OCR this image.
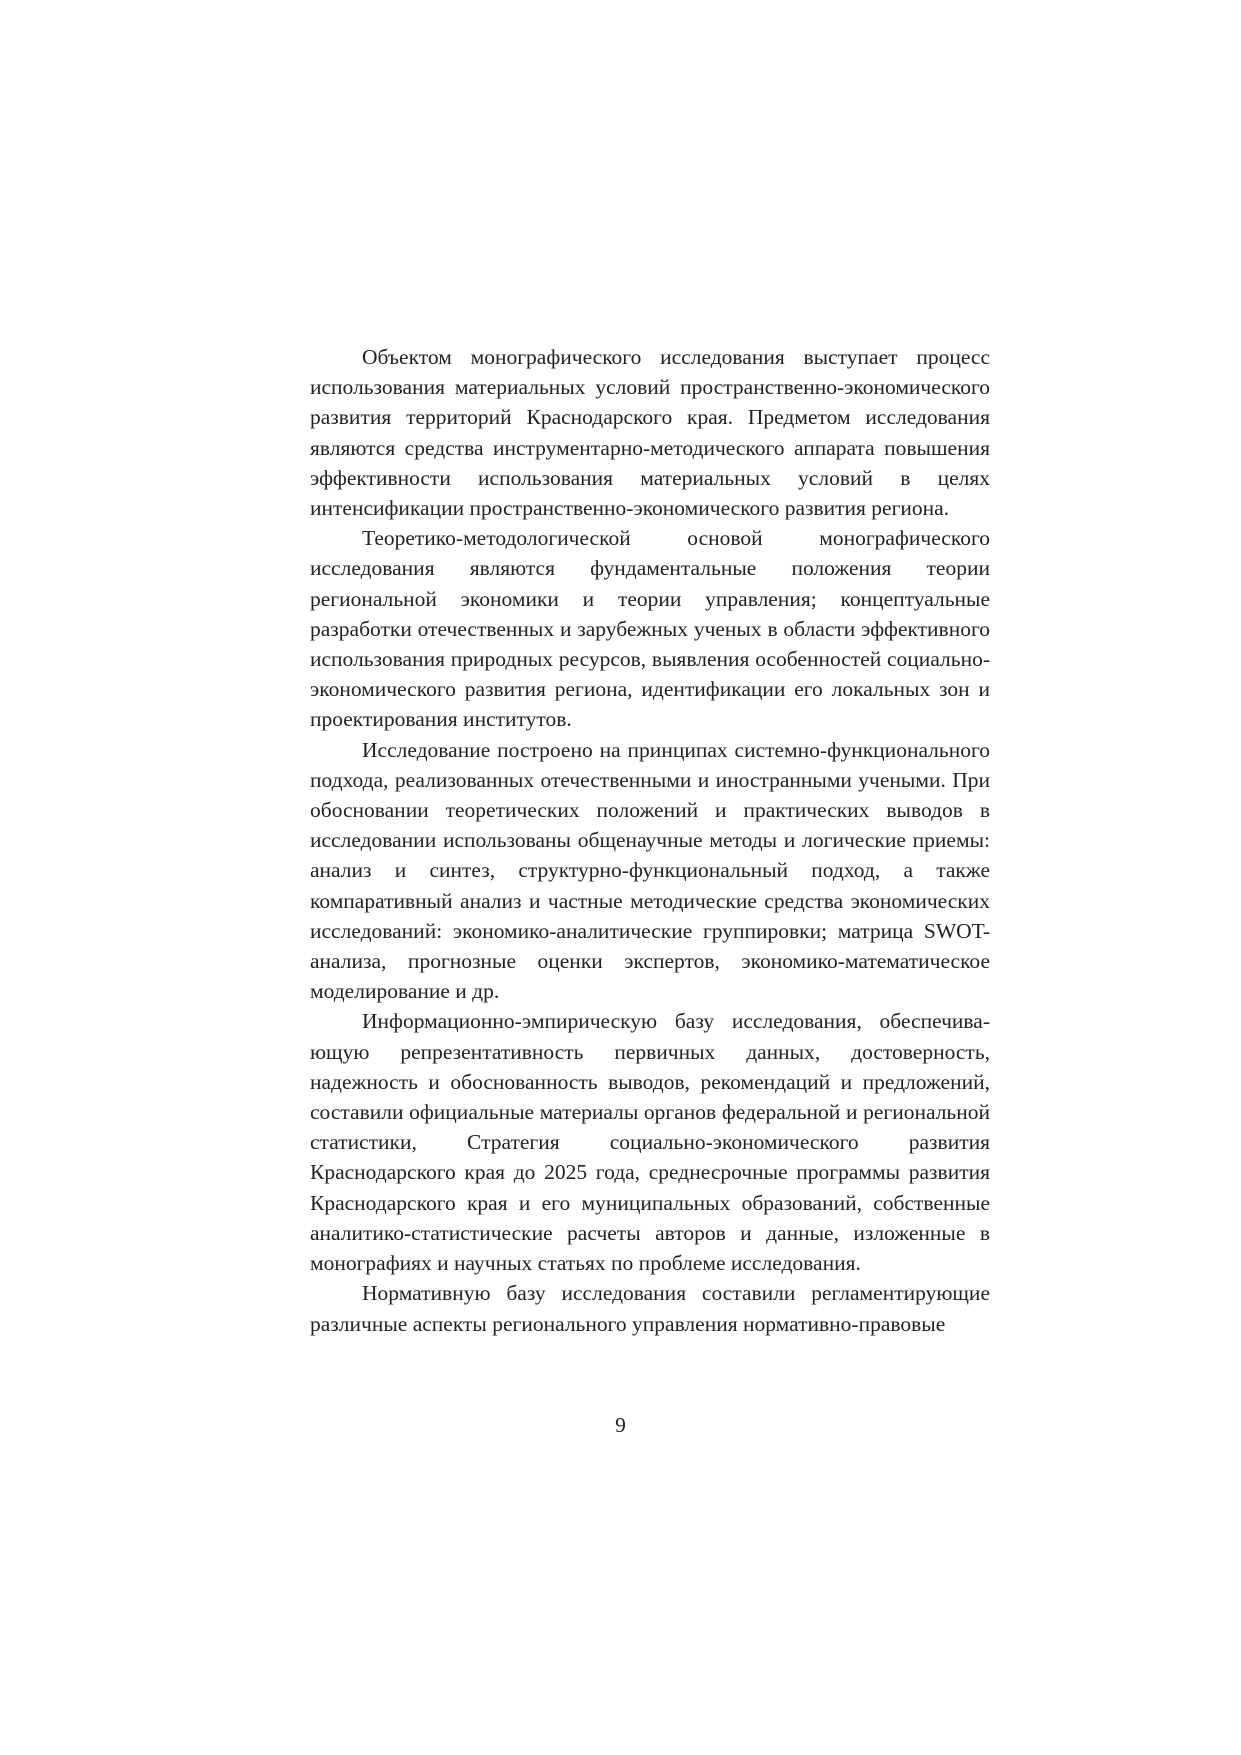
Объектом монографического исследования выступает процесс использования материальных условий пространственно-экономического развития территорий Краснодарского края. Предметом исследования являются средства инструментарно-методического аппарата повышения эффективности использования материальных условий в целях интенсификации пространственно-экономического развития региона.

Теоретико-методологической основой монографического исследования являются фундаментальные положения теории региональной экономики и теории управления; концептуальные разработки отечественных и зарубежных ученых в области эффективного использования природных ресурсов, выявления особенностей социально-экономического развития региона, идентификации его локальных зон и проектирования институтов.

Исследование построено на принципах системно-функционального подхода, реализованных отечественными и иностранными учеными. При обосновании теоретических положений и практических выводов в исследовании использованы общенаучные методы и логические приемы: анализ и синтез, структурно-функциональный подход, а также компаративный анализ и частные методические средства экономических исследований: экономико-аналитические группировки; матрица SWOT-анализа, прогнозные оценки экспертов, экономико-математическое моделирование и др.

Информационно-эмпирическую базу исследования, обеспечивающую репрезентативность первичных данных, достоверность, надежность и обоснованность выводов, рекомендаций и предложений, составили официальные материалы органов федеральной и региональной статистики, Стратегия социально-экономического развития Краснодарского края до 2025 года, среднесрочные программы развития Краснодарского края и его муниципальных образований, собственные аналитико-статистические расчеты авторов и данные, изложенные в монографиях и научных статьях по проблеме исследования.

Нормативную базу исследования составили регламентирующие различные аспекты регионального управления нормативно-правовые

9
